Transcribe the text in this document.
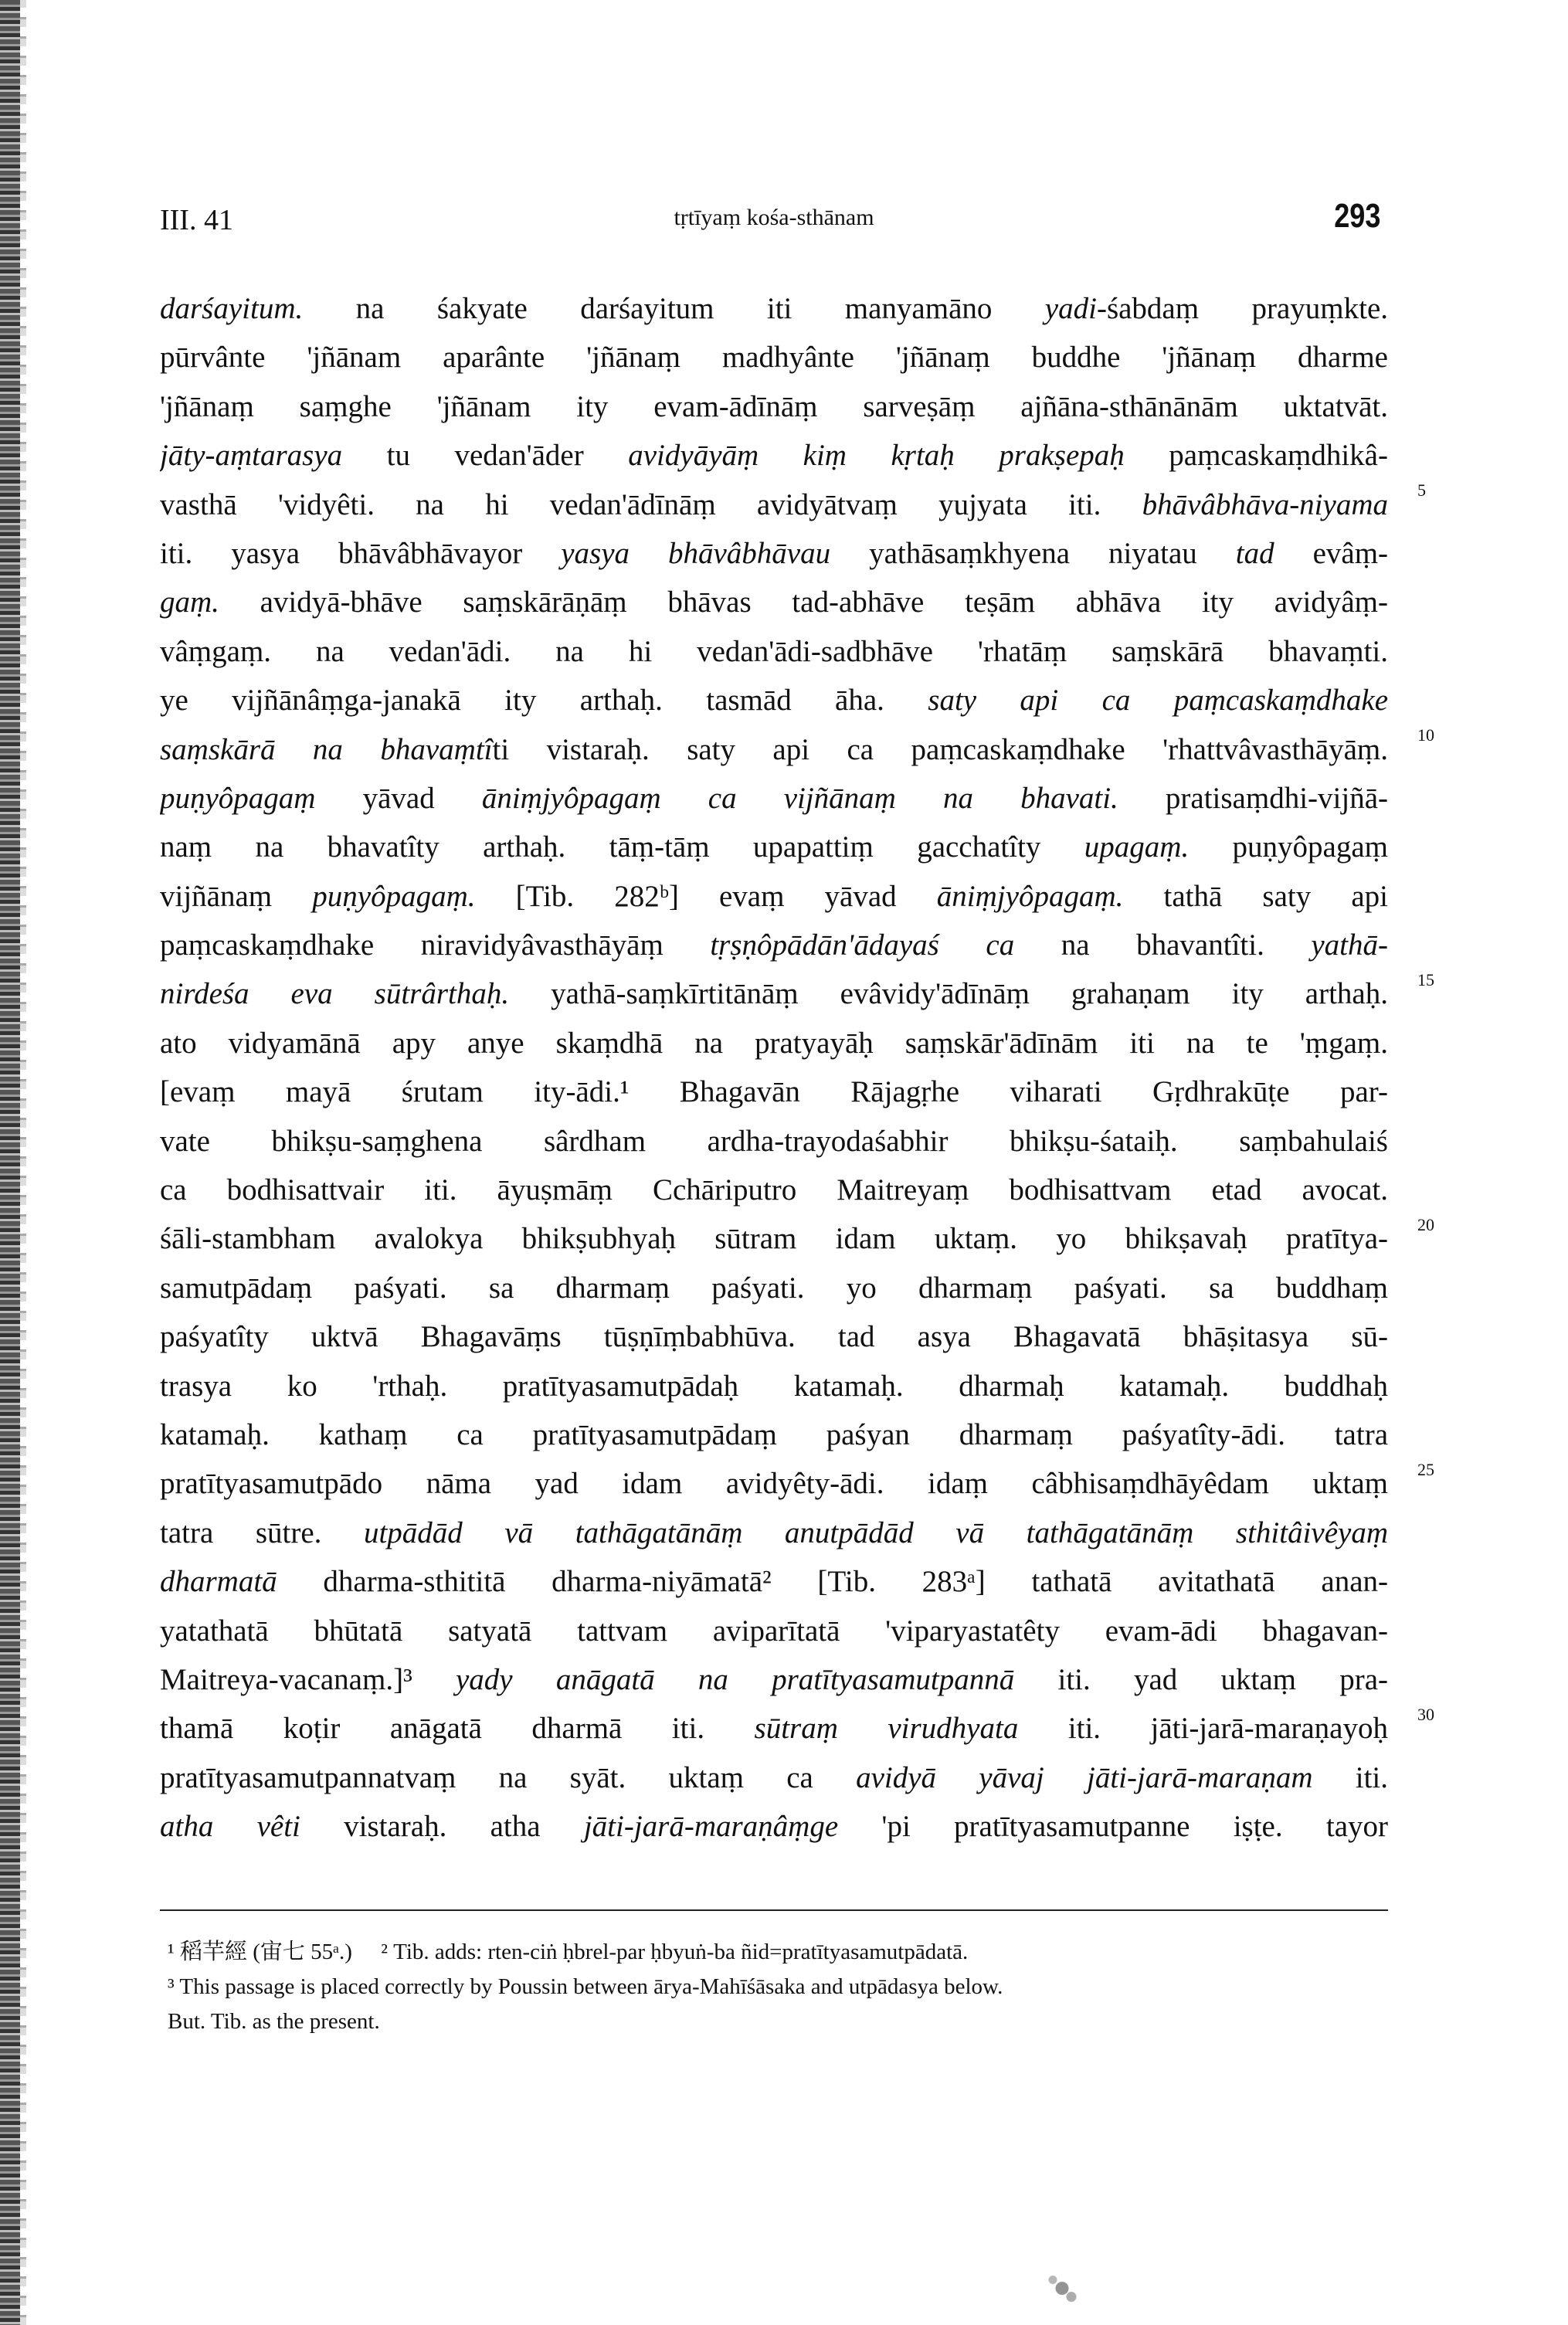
III. 41	tṛtīyaṃ kośa-sthānam	293
darśayitum. na śakyate darśayitum iti manyamāno yadi-śabdaṃ prayuṃkte.
pūrvânte 'jñānam aparânte 'jñānaṃ madhyânte 'jñānaṃ buddhe 'jñānaṃ dharme
'jñānaṃ saṃghe 'jñānam ity evam-ādīnāṃ sarveṣāṃ ajñāna-sthānānām uktatvāt.
jāty-aṃtarasya tu vedan'āder avidyāyāṃ kiṃ kṛtaḥ prakṣepaḥ paṃcaskaṃdhikâ-
vasthā 'vidyêti. na hi vedan'ādīnāṃ avidyātvaṃ yujyata iti. bhāvâbhāva-niyama 5
iti. yasya bhāvâbhāvayor yasya bhāvâbhāvau yathāsaṃkhyena niyatau tad evâṃ-
gaṃ. avidyā-bhāve saṃskārāṇāṃ bhāvas tad-abhāve teṣām abhāva ity avidyâṃ-
vâṃgaṃ. na vedan'ādi. na hi vedan'ādi-sadbhāve 'rhatāṃ saṃskārā bhavaṃti.
ye vijñānâṃga-janakā ity arthaḥ. tasmād āha. saty api ca paṃcaskaṃdhake
saṃskārā na bhavaṃtîti vistaraḥ. saty api ca paṃcaskaṃdhake 'rhattvâvasthāyāṃ. 10
puṇyôpagaṃ yāvad āniṃjyôpagaṃ ca vijñānaṃ na bhavati. pratisaṃdhi-vijñā-
naṃ na bhavatîty arthaḥ. tāṃ-tāṃ upapattiṃ gacchatîty upagaṃ. puṇyôpagaṃ
vijñānaṃ puṇyôpagaṃ. [Tib. 282ᵇ] evaṃ yāvad āniṃjyôpagaṃ. tathā saty api
paṃcaskaṃdhake niravidyâvasthāyāṃ tṛṣṇôpādān'ādayaś ca na bhavantîti. yathā-
nirdeśa eva sūtrârthaḥ. yathā-saṃkīrtitānāṃ evâvidy'ādīnāṃ grahaṇam ity arthaḥ. 15
ato vidyamānā apy anye skaṃdhā na pratyayāḥ saṃskār'ādīnām iti na te 'ṃgaṃ.
[evaṃ mayā śrutam ity-ādi.¹ Bhagavān Rājagṛhe viharati Gṛdhrakūṭe par-
vate bhikṣu-saṃghena sârdham ardha-trayodaśabhir bhikṣu-śataiḥ. saṃbahulaiś
ca bodhisattvair iti. āyuṣmāṃ Cchāriputro Maitreyaṃ bodhisattvam etad avocat.
śāli-stambham avalokya bhikṣubhyaḥ sūtram idam uktaṃ. yo bhikṣavaḥ pratītya- 20
samutpādaṃ paśyati. sa dharmaṃ paśyati. yo dharmaṃ paśyati. sa buddhaṃ
paśyatîty uktvā Bhagavāṃs tūṣṇīṃbabhūva. tad asya Bhagavatā bhāṣitasya sū-
trasya ko 'rthaḥ. pratītyasamutpādaḥ katamaḥ. dharmaḥ katamaḥ. buddhaḥ
katamaḥ. kathaṃ ca pratītyasamutpādaṃ paśyan dharmaṃ paśyatîty-ādi. tatra
pratītyasamutpādo nāma yad idam avidyêty-ādi. idaṃ câbhisaṃdhāyêdam uktaṃ 25
tatra sūtre. utpādād vā tathāgatānāṃ anutpādād vā tathāgatānāṃ sthitâivêyaṃ
dharmatā dharma-sthititā dharma-niyāmatā² [Tib. 283ᵃ] tathatā avitathatā anan-
yatathatā bhūtatā satyatā tattvam aviparītatā 'viparyastatêty evam-ādi bhagavan-
Maitreya-vacanaṃ.]³ yady anāgatā na pratītyasamutpannā iti. yad uktaṃ pra-
thamā koṭir anāgatā dharmā iti. sūtraṃ virudhyata iti. jāti-jarā-maraṇayoḥ 30
pratītyasamutpannatvaṃ na syāt. uktaṃ ca avidyā yāvaj jāti-jarā-maraṇam iti.
atha vêti vistaraḥ. atha jāti-jarā-maraṇâṃge 'pi pratītyasamutpanne iṣṭe. tayor
¹ 稻芉經 (宙七 55ᵃ.) ² Tib. adds: rten-ciṅ ḥbrel-par ḥbyuṅ-ba ñid=pratītyasamutpādatā.
³ This passage is placed correctly by Poussin between ārya-Mahīśāsaka and utpādasya below.
But. Tib. as the present.
